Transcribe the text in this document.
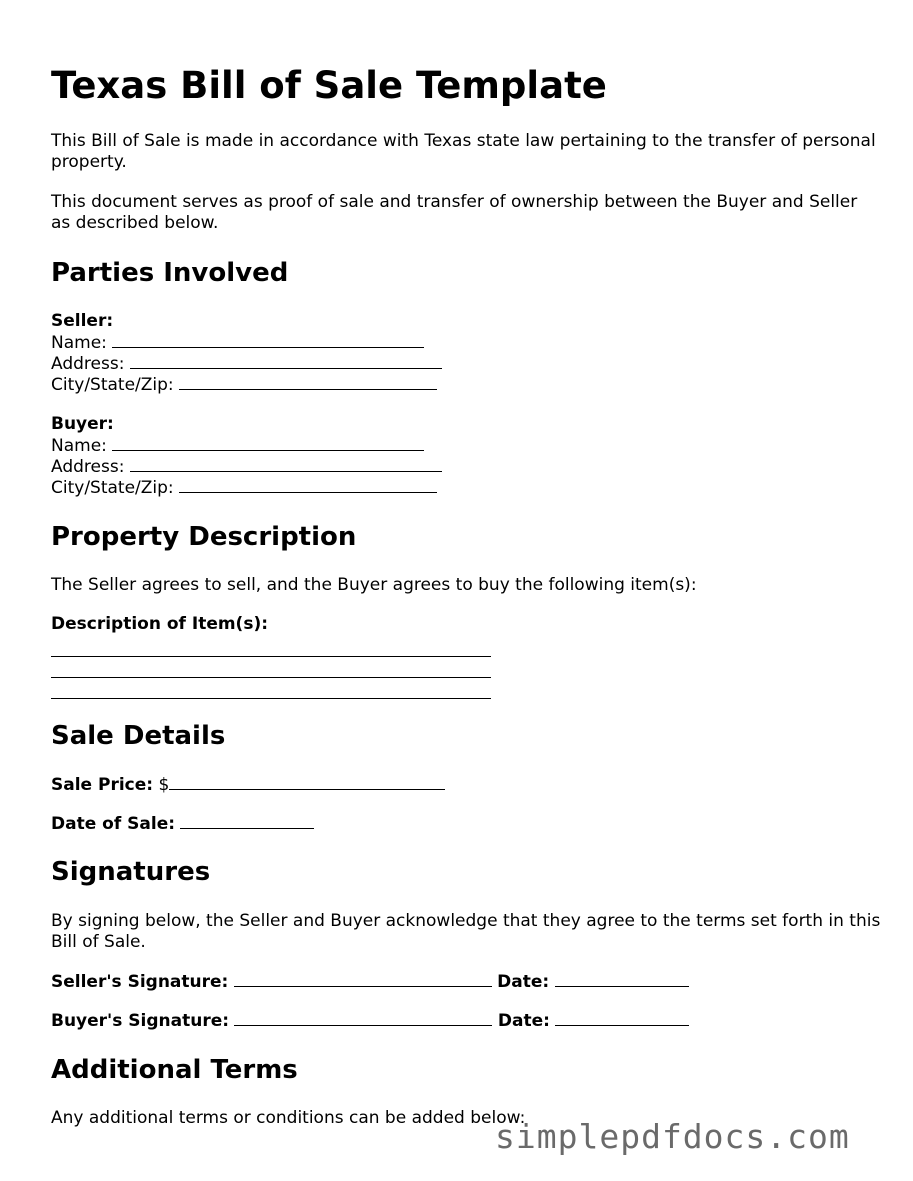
Texas Bill of Sale Template

This Bill of Sale is made in accordance with Texas state law pertaining to the transfer of personal property.

This document serves as proof of sale and transfer of ownership between the Buyer and Seller as described below.

Parties Involved
Seller:
Name:
Address:
City/State/Zip:
Buyer:
Name:
Address:
City/State/Zip:
Property Description

The Seller agrees to sell, and the Buyer agrees to buy the following item(s):

Description of Item(s):
Sale Details
Sale Price: $
Date of Sale:
Signatures

By signing below, the Seller and Buyer acknowledge that they agree to the terms set forth in this Bill of Sale.

Seller's Signature:	Date:
Buyer's Signature:	Date:
Additional Terms

Any additional terms or conditions can be added below:

simplepdfdocs.com
